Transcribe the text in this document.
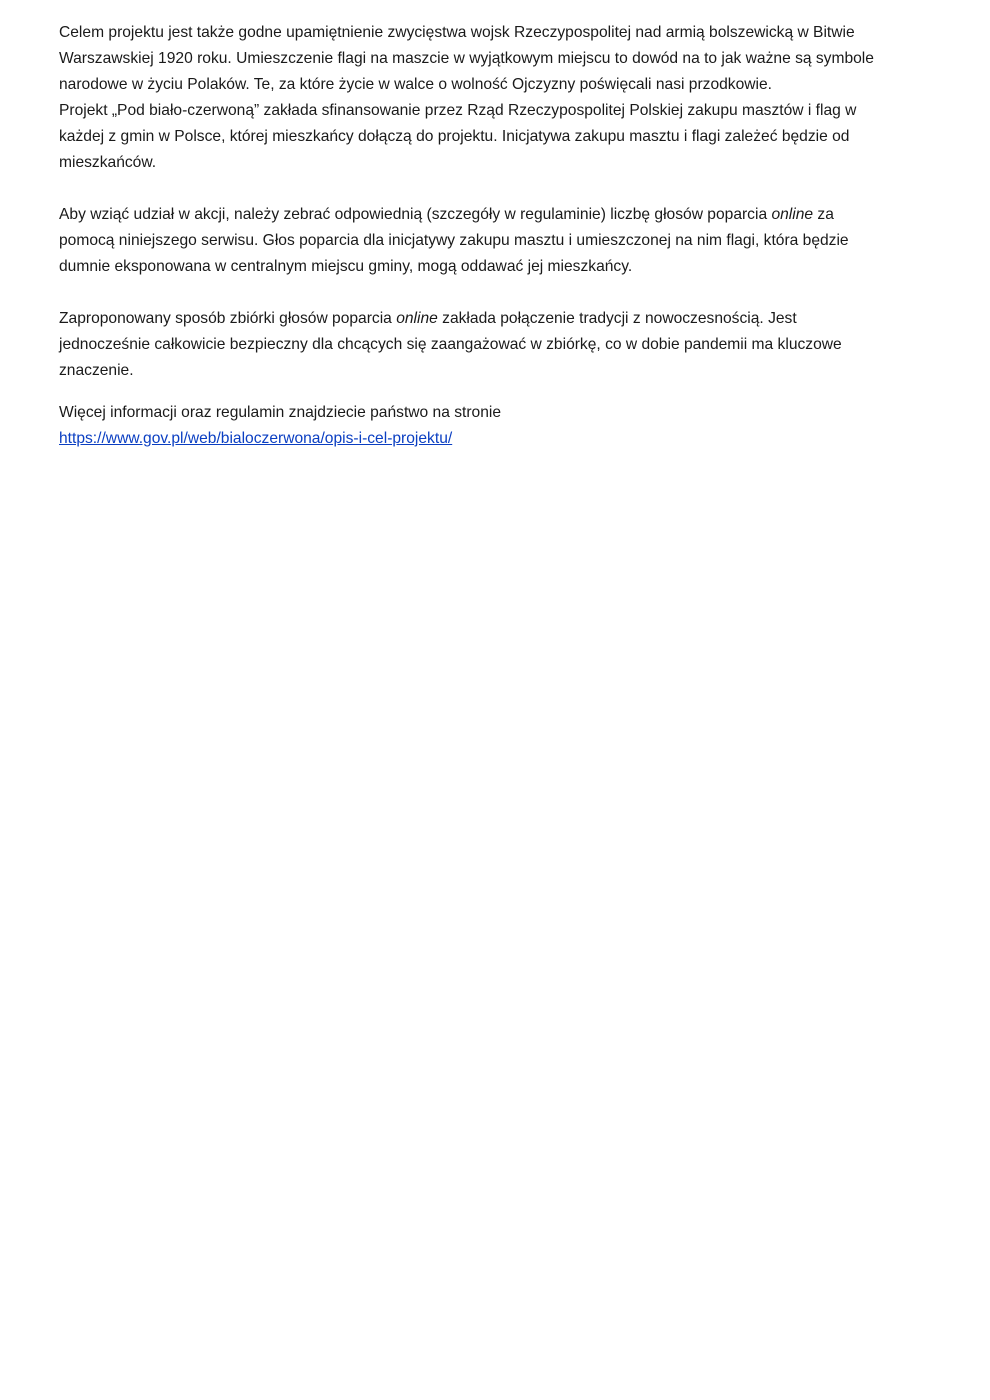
Celem projektu jest także godne upamiętnienie zwycięstwa wojsk Rzeczypospolitej nad armią bolszewicką w Bitwie Warszawskiej 1920 roku. Umieszczenie flagi na maszcie w wyjątkowym miejscu to dowód na to jak ważne są symbole narodowe w życiu Polaków. Te, za które życie w walce o wolność Ojczyzny poświęcali nasi przodkowie.

Projekt „Pod biało-czerwoną” zakłada sfinansowanie przez Rząd Rzeczypospolitej Polskiej zakupu masztów i flag w każdej z gmin w Polsce, której mieszkańcy dołączą do projektu. Inicjatywa zakupu masztu i flagi zależeć będzie od mieszkańców.

Aby wziąć udział w akcji, należy zebrać odpowiednią (szczegóły w regulaminie) liczbę głosów poparcia online za pomocą niniejszego serwisu. Głos poparcia dla inicjatywy zakupu masztu i umieszczonej na nim flagi, która będzie dumnie eksponowana w centralnym miejscu gminy, mogą oddawać jej mieszkańcy.

Zaproponowany sposób zbiórki głosów poparcia online zakłada połączenie tradycji z nowoczesnością. Jest jednocześnie całkowicie bezpieczny dla chcących się zaangażować w zbiórkę, co w dobie pandemii ma kluczowe znaczenie.

Więcej informacji oraz regulamin znajdziecie państwo na stronie
https://www.gov.pl/web/bialoczerwona/opis-i-cel-projektu/
